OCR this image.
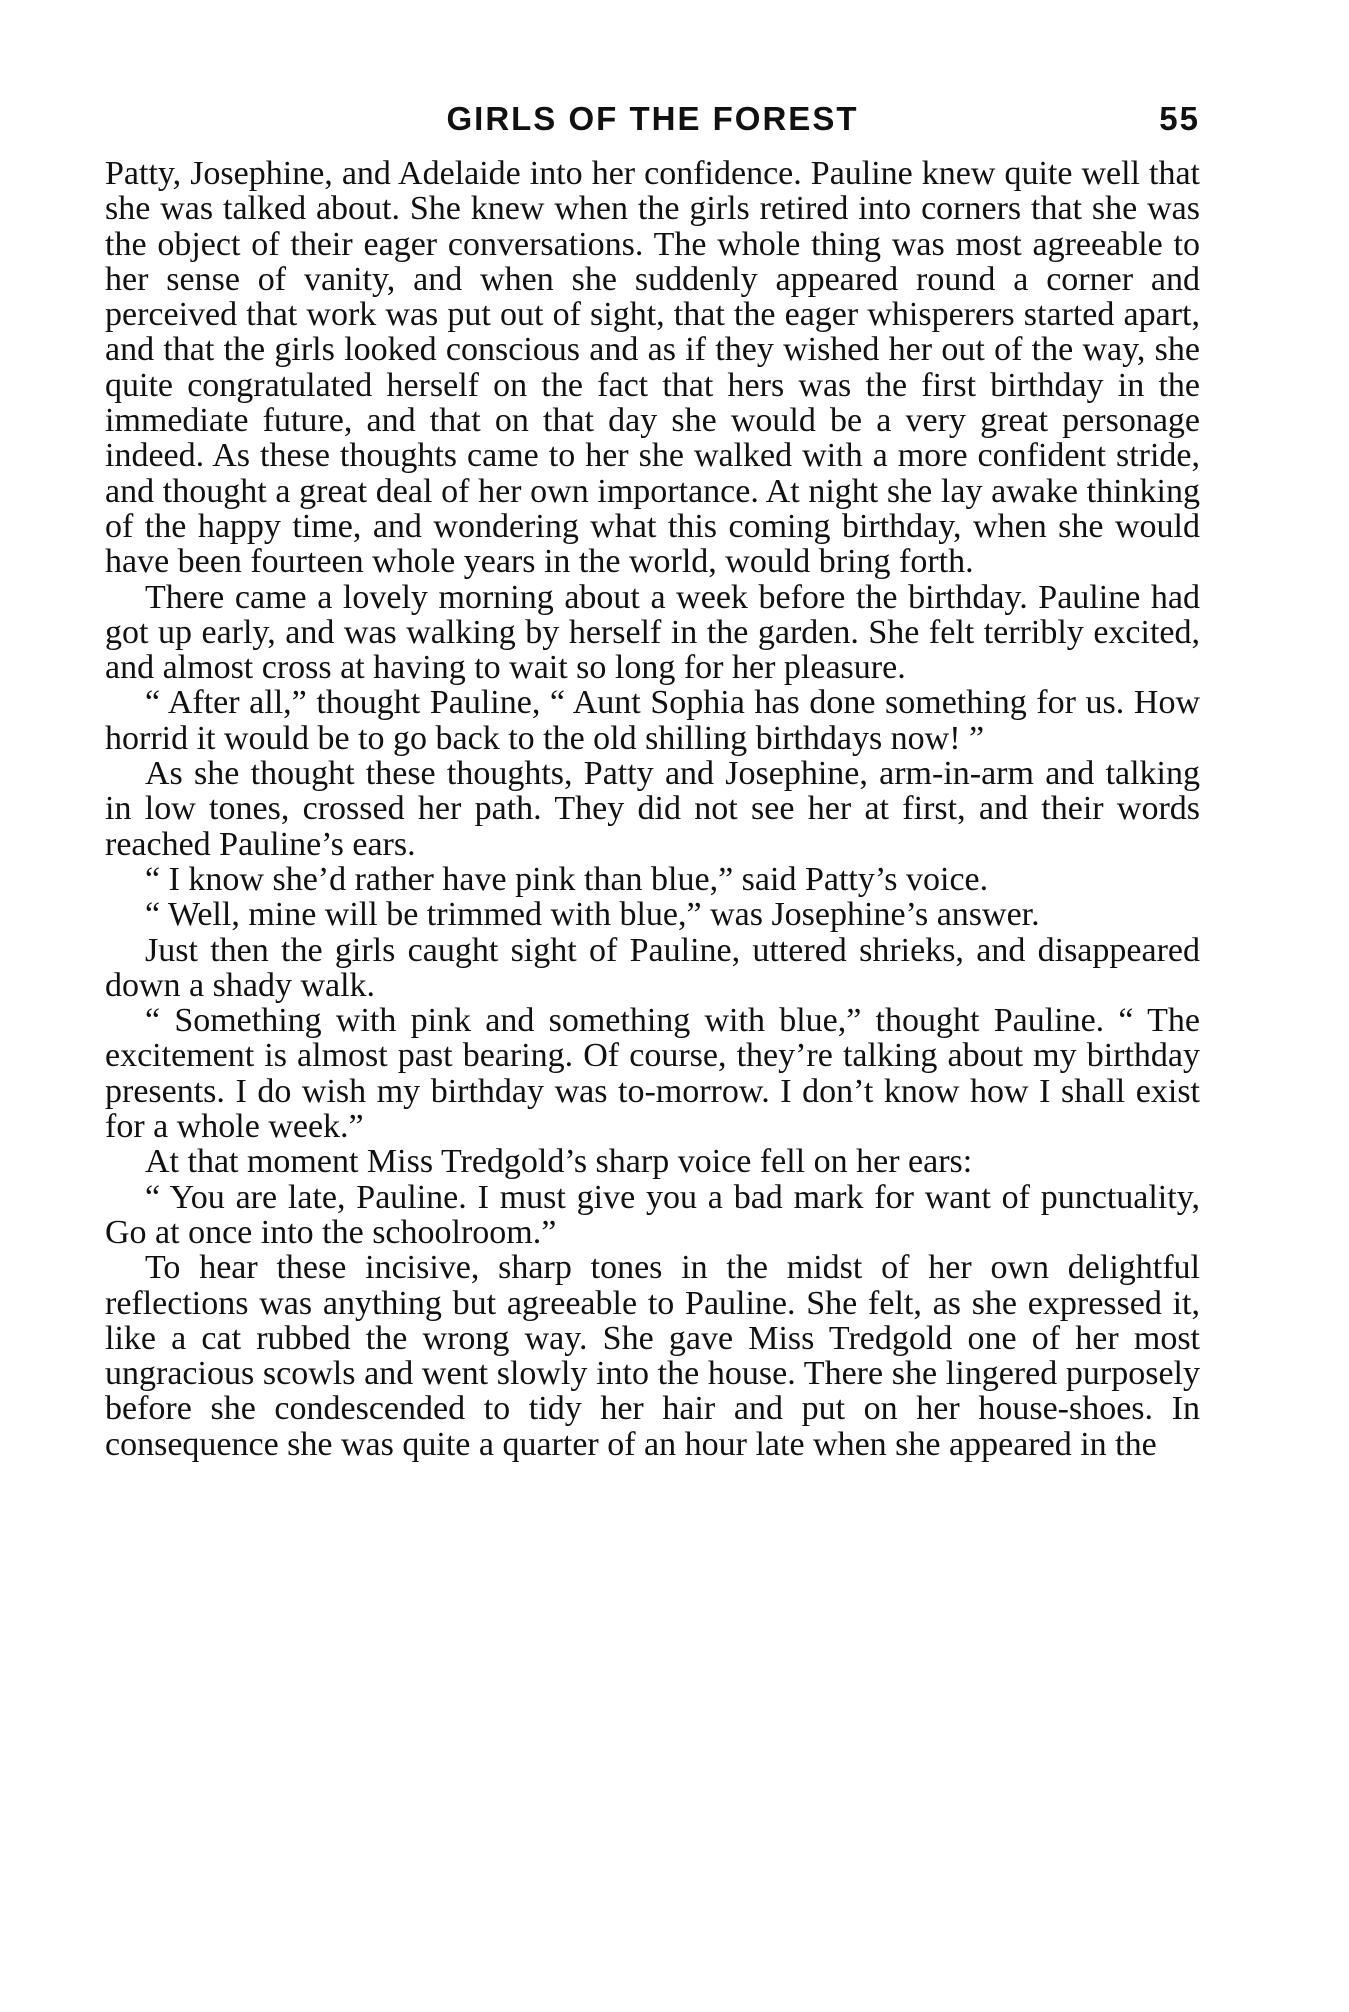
GIRLS OF THE FOREST	55

Patty, Josephine, and Adelaide into her confidence. Pauline knew quite well that she was talked about. She knew when the girls retired into corners that she was the object of their eager conversations. The whole thing was most agreeable to her sense of vanity, and when she suddenly appeared round a corner and perceived that work was put out of sight, that the eager whisperers started apart, and that the girls looked conscious and as if they wished her out of the way, she quite congratulated herself on the fact that hers was the first birthday in the immediate future, and that on that day she would be a very great personage indeed. As these thoughts came to her she walked with a more confident stride, and thought a great deal of her own importance. At night she lay awake thinking of the happy time, and wondering what this coming birthday, when she would have been fourteen whole years in the world, would bring forth.

There came a lovely morning about a week before the birthday. Pauline had got up early, and was walking by herself in the garden. She felt terribly excited, and almost cross at having to wait so long for her pleasure.

“ After all,” thought Pauline, “ Aunt Sophia has done something for us. How horrid it would be to go back to the old shilling birthdays now! ”

As she thought these thoughts, Patty and Josephine, arm-in-arm and talking in low tones, crossed her path. They did not see her at first, and their words reached Pauline’s ears.

“ I know she’d rather have pink than blue,” said Patty’s voice.

“ Well, mine will be trimmed with blue,” was Josephine’s answer.

Just then the girls caught sight of Pauline, uttered shrieks, and disappeared down a shady walk.

“ Something with pink and something with blue,” thought Pauline. “ The excitement is almost past bearing. Of course, they’re talking about my birthday presents. I do wish my birthday was to-morrow. I don’t know how I shall exist for a whole week.”

At that moment Miss Tredgold’s sharp voice fell on her ears:

“ You are late, Pauline. I must give you a bad mark for want of punctuality, Go at once into the schoolroom.”

To hear these incisive, sharp tones in the midst of her own delightful reflections was anything but agreeable to Pauline. She felt, as she expressed it, like a cat rubbed the wrong way. She gave Miss Tredgold one of her most ungracious scowls and went slowly into the house. There she lingered purposely before she condescended to tidy her hair and put on her house-shoes. In consequence she was quite a quarter of an hour late when she appeared in the
